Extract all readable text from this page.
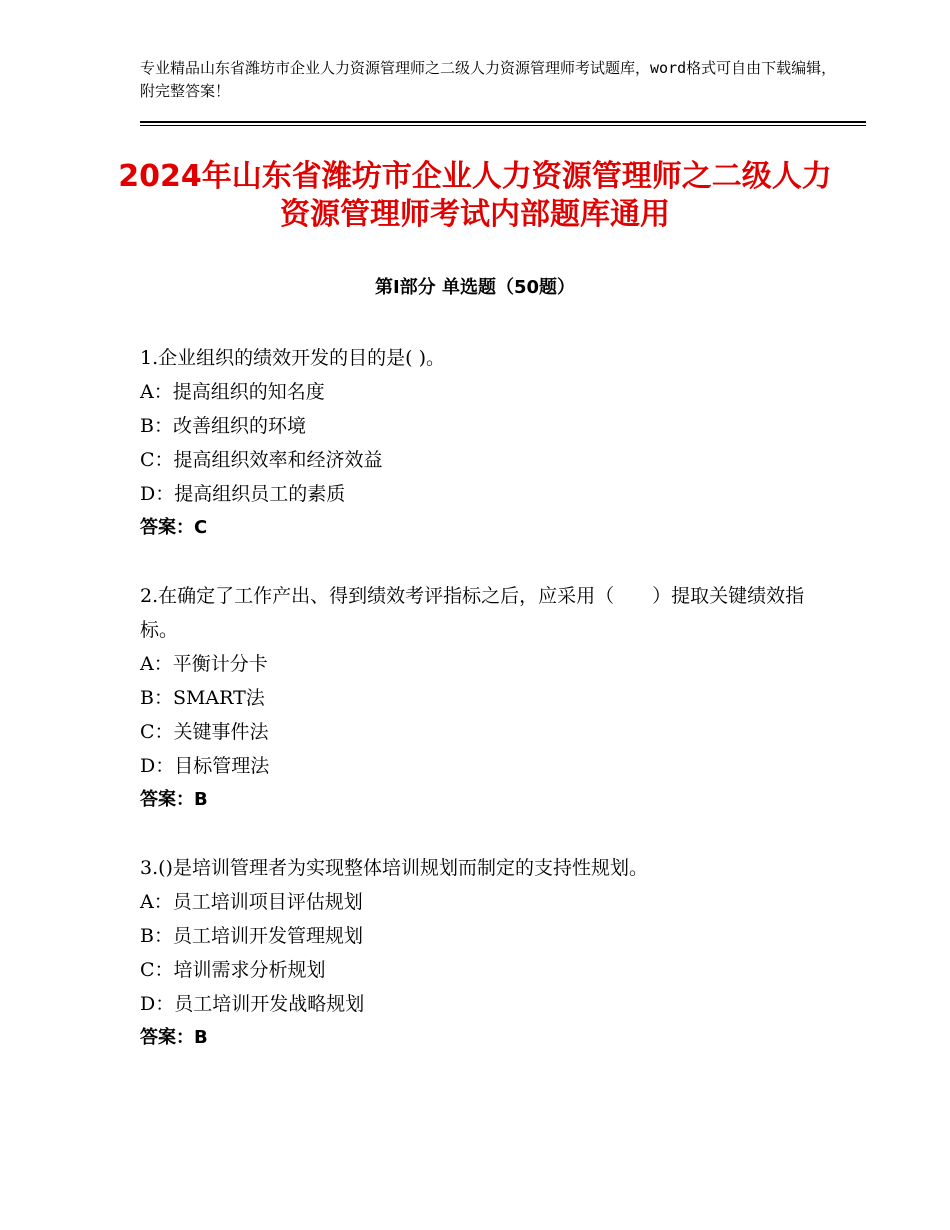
专业精品山东省潍坊市企业人力资源管理师之二级人力资源管理师考试题库，word格式可自由下载编辑，附完整答案！
2024年山东省潍坊市企业人力资源管理师之二级人力资源管理师考试内部题库通用
第Ⅰ部分 单选题（50题）
1.企业组织的绩效开发的目的是( )。
A：提高组织的知名度
B：改善组织的环境
C：提高组织效率和经济效益
D：提高组织员工的素质
答案：C
2.在确定了工作产出、得到绩效考评指标之后，应采用（　　）提取关键绩效指标。
A：平衡计分卡
B：SMART法
C：关键事件法
D：目标管理法
答案：B
3.()是培训管理者为实现整体培训规划而制定的支持性规划。
A：员工培训项目评估规划
B：员工培训开发管理规划
C：培训需求分析规划
D：员工培训开发战略规划
答案：B
